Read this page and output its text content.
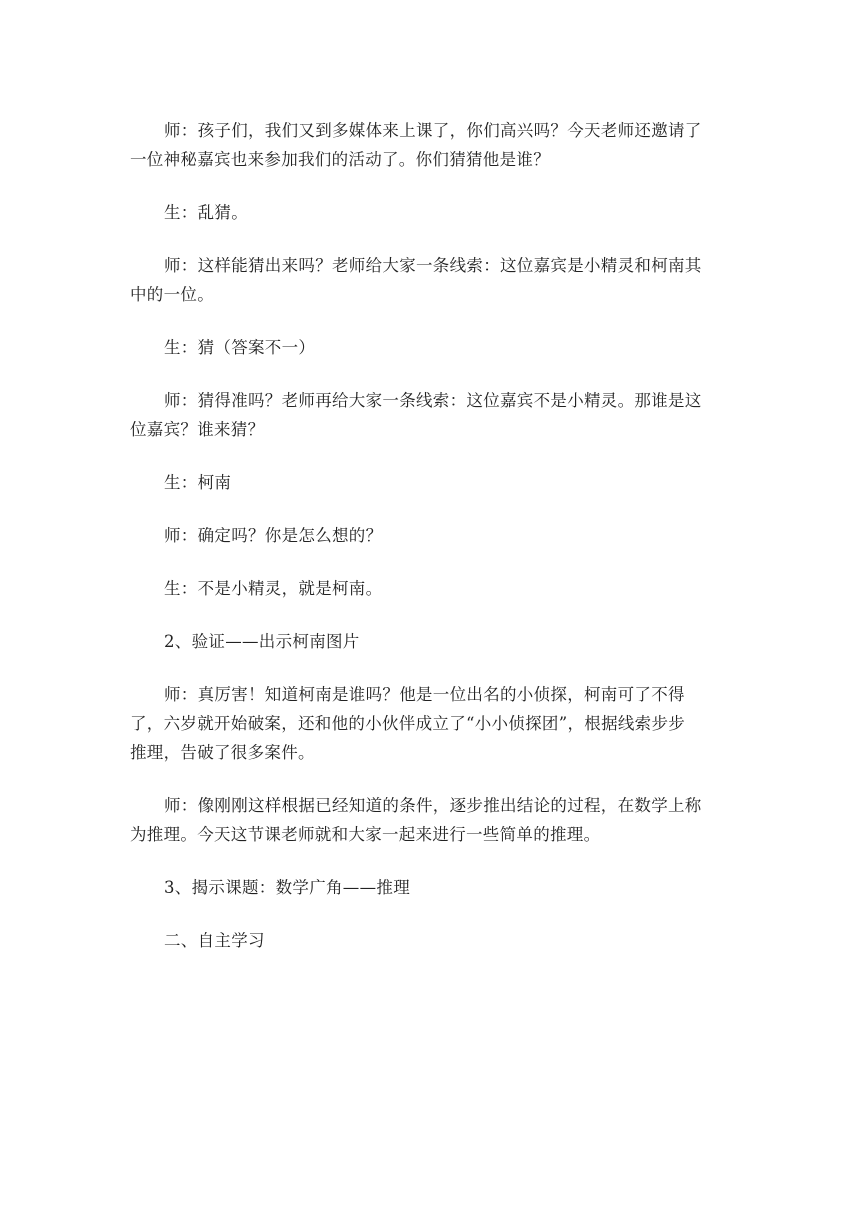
师：孩子们，我们又到多媒体来上课了，你们高兴吗？今天老师还邀请了
一位神秘嘉宾也来参加我们的活动了。你们猜猜他是谁？
生：乱猜。
师：这样能猜出来吗？老师给大家一条线索：这位嘉宾是小精灵和柯南其
中的一位。
生：猜（答案不一）
师：猜得准吗？老师再给大家一条线索：这位嘉宾不是小精灵。那谁是这
位嘉宾？谁来猜？
生：柯南
师：确定吗？你是怎么想的？
生：不是小精灵，就是柯南。
2、验证——出示柯南图片
师：真厉害！知道柯南是谁吗？他是一位出名的小侦探，柯南可了不得
了，六岁就开始破案，还和他的小伙伴成立了“小小侦探团”，根据线索步步
推理，告破了很多案件。
师：像刚刚这样根据已经知道的条件，逐步推出结论的过程，在数学上称
为推理。今天这节课老师就和大家一起来进行一些简单的推理。
3、揭示课题：数学广角——推理
二、自主学习
